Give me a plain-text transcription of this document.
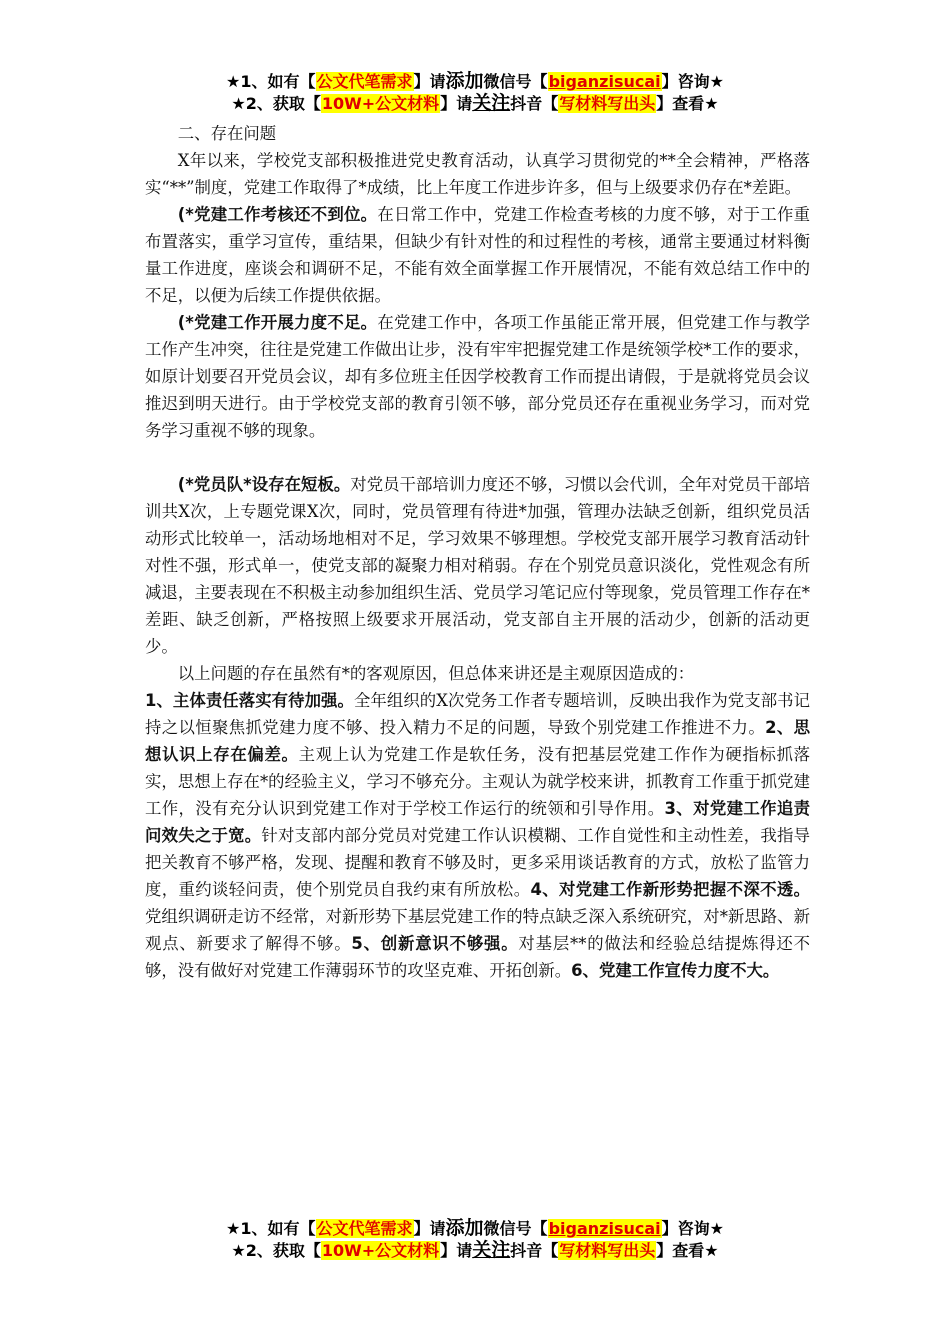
★1、如有【公文代笔需求】请添加微信号【biganzisucai】咨询★
★2、获取【10W+公文材料】请关注抖音【写材料写出头】查看★

二、存在问题

X年以来，学校党支部积极推进党史教育活动，认真学习贯彻党的**全会精神，严格落实“**”制度，党建工作取得了*成绩，比上年度工作进步许多，但与上级要求仍存在*差距。

(*党建工作考核还不到位。在日常工作中，党建工作检查考核的力度不够，对于工作重布置落实，重学习宣传，重结果，但缺少有针对性的和过程性的考核，通常主要通过材料衡量工作进度，座谈会和调研不足，不能有效全面掌握工作开展情况，不能有效总结工作中的不足，以便为后续工作提供依据。

(*党建工作开展力度不足。在党建工作中，各项工作虽能正常开展，但党建工作与教学工作产生冲突，往往是党建工作做出让步，没有牢牢把握党建工作是统领学校*工作的要求，如原计划要召开党员会议，却有多位班主任因学校教育工作而提出请假，于是就将党员会议推迟到明天进行。由于学校党支部的教育引领不够，部分党员还存在重视业务学习，而对党务学习重视不够的现象。

(*党员队*设存在短板。对党员干部培训力度还不够，习惯以会代训，全年对党员干部培训共X次，上专题党课X次，同时，党员管理有待进*加强，管理办法缺乏创新，组织党员活动形式比较单一，活动场地相对不足，学习效果不够理想。学校党支部开展学习教育活动针对性不强，形式单一，使党支部的凝聚力相对稍弱。存在个别党员意识淡化，党性观念有所减退，主要表现在不积极主动参加组织生活、党员学习笔记应付等现象，党员管理工作存在*差距、缺乏创新，严格按照上级要求开展活动，党支部自主开展的活动少，创新的活动更少。

以上问题的存在虽然有*的客观原因，但总体来讲还是主观原因造成的：

1、主体责任落实有待加强。全年组织的X次党务工作者专题培训，反映出我作为党支部书记持之以恒聚焦抓党建力度不够、投入精力不足的问题，导致个别党建工作推进不力。2、思想认识上存在偏差。主观上认为党建工作是软任务，没有把基层党建工作作为硬指标抓落实，思想上存在*的经验主义，学习不够充分。主观认为就学校来讲，抓教育工作重于抓党建工作，没有充分认识到党建工作对于学校工作运行的统领和引导作用。3、对党建工作追责问效失之于宽。针对支部内部分党员对党建工作认识模糊、工作自觉性和主动性差，我指导把关教育不够严格，发现、提醒和教育不够及时，更多采用谈话教育的方式，放松了监管力度，重约谈轻问责，使个别党员自我约束有所放松。4、对党建工作新形势把握不深不透。党组织调研走访不经常，对新形势下基层党建工作的特点缺乏深入系统研究，对*新思路、新观点、新要求了解得不够。5、创新意识不够强。对基层**的做法和经验总结提炼得还不够，没有做好对党建工作薄弱环节的攻坚克难、开拓创新。6、党建工作宣传力度不大。

★1、如有【公文代笔需求】请添加微信号【biganzisucai】咨询★
★2、获取【10W+公文材料】请关注抖音【写材料写出头】查看★
